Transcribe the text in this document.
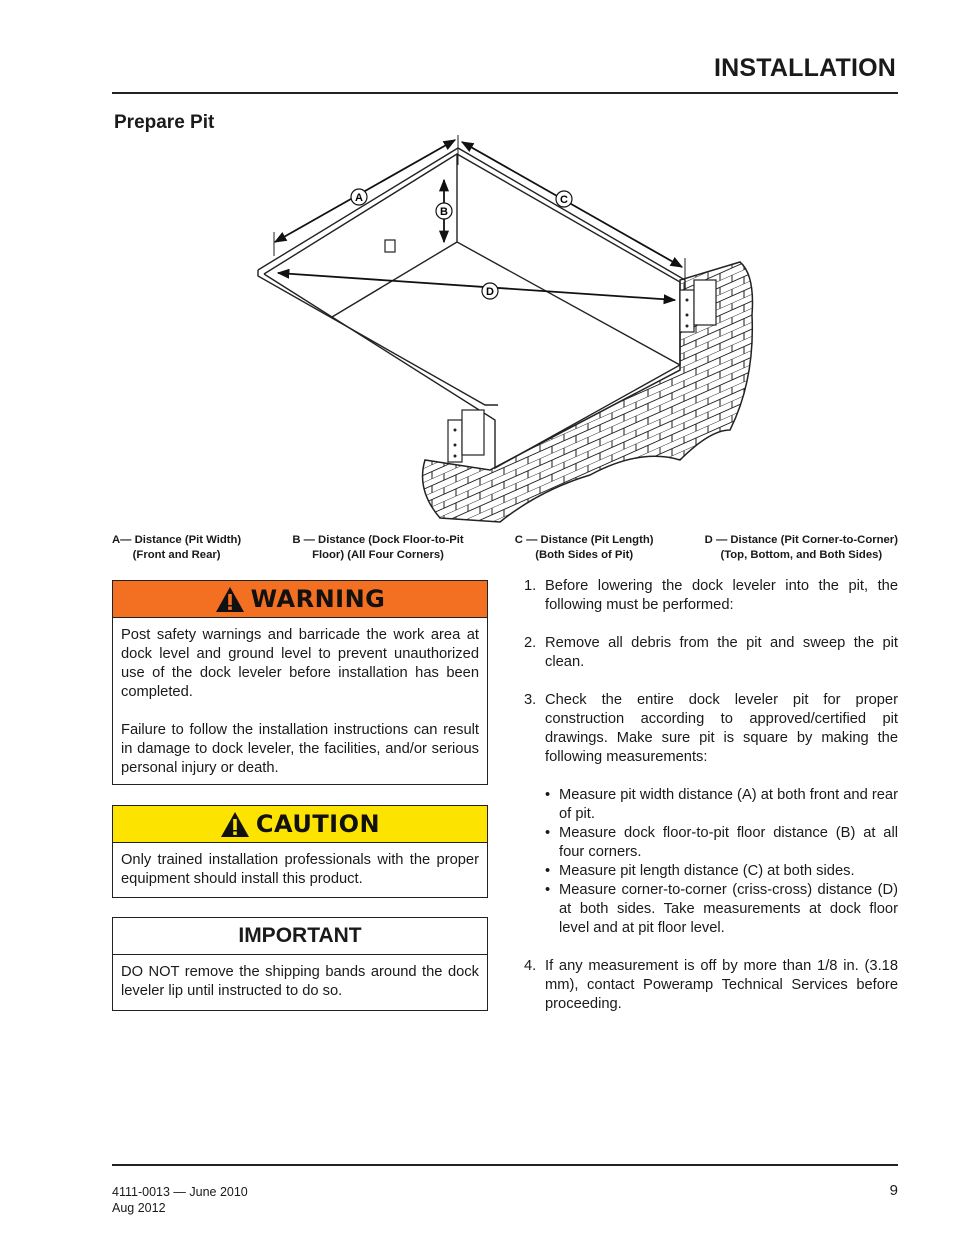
INSTALLATION
Prepare Pit
A
B
C
D
A— Distance (Pit Width)
(Front and Rear)
B — Distance (Dock Floor-to-Pit
Floor) (All Four Corners)
C — Distance (Pit Length)
(Both Sides of Pit)
D — Distance (Pit Corner-to-Corner)
(Top, Bottom, and Both Sides)
WARNING

Post safety warnings and barricade the work area at dock level and ground level to prevent unauthorized use of the dock leveler before installation has been completed.

Failure to follow the installation instructions can result in damage to dock leveler, the facilities, and/or serious personal injury or death.

CAUTION

Only trained installation professionals with the proper equipment should install this product.

IMPORTANT

DO NOT remove the shipping bands around the dock leveler lip until instructed to do so.

1. Before lowering the dock leveler into the pit, the following must be performed:
2. Remove all debris from the pit and sweep the pit clean.
3. Check the entire dock leveler pit for proper construction according to approved/certified pit drawings. Make sure pit is square by making the following measurements:
• Measure pit width distance (A) at both front and rear of pit.
• Measure dock floor-to-pit floor distance (B) at all four corners.
• Measure pit length distance (C) at both sides.
• Measure corner-to-corner (criss-cross) distance (D) at both sides. Take measurements at dock floor level and at pit floor level.
4. If any measurement is off by more than 1/8 in. (3.18 mm), contact Poweramp Technical Services before proceeding.
4111-0013 — June 2010
Aug 2012
9
